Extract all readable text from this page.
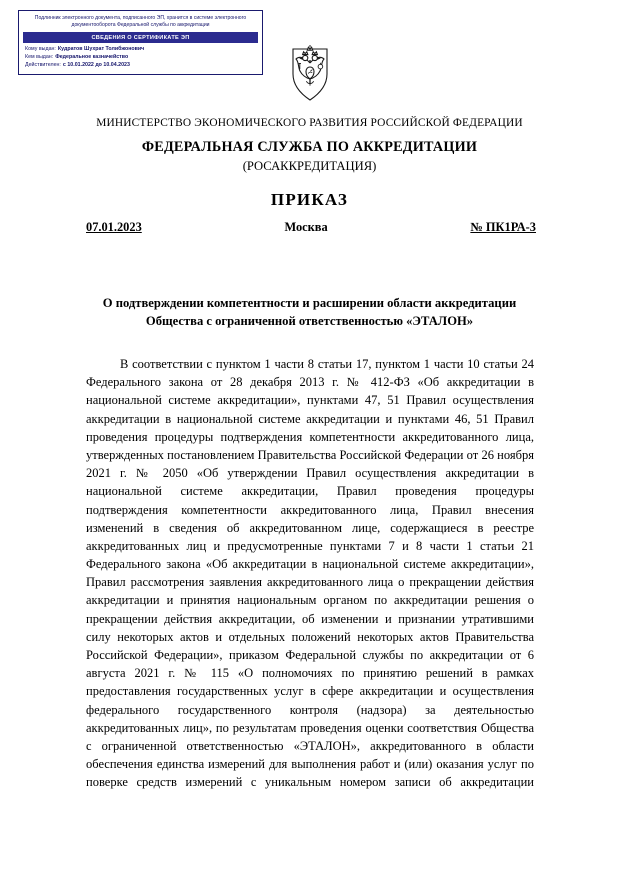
Подлинник электронного документа, подписанного ЭП, хранится в системе электронного документооборота Федеральной службы по аккредитации
СВЕДЕНИЯ О СЕРТИФИКАТЕ ЭП
Кому выдан: Кудратов Шухрат Толибжонович
Кем выдан: Федеральное казначейство
Действителен: с 10.01.2022 до 10.04.2023
МИНИСТЕРСТВО ЭКОНОМИЧЕСКОГО РАЗВИТИЯ РОССИЙСКОЙ ФЕДЕРАЦИИ
ФЕДЕРАЛЬНАЯ СЛУЖБА ПО АККРЕДИТАЦИИ
(РОСАККРЕДИТАЦИЯ)
ПРИКАЗ
07.01.2023	Москва	№ ПК1РА-3
О подтверждении компетентности и расширении области аккредитации
Общества с ограниченной ответственностью «ЭТАЛОН»

В соответствии с пунктом 1 части 8 статьи 17, пунктом 1 части 10 статьи 24 Федерального закона от 28 декабря 2013 г. № 412-ФЗ «Об аккредитации в национальной системе аккредитации», пунктами 47, 51 Правил осуществления аккредитации в национальной системе аккредитации и пунктами 46, 51 Правил проведения процедуры подтверждения компетентности аккредитованного лица, утвержденных постановлением Правительства Российской Федерации от 26 ноября 2021 г. № 2050 «Об утверждении Правил осуществления аккредитации в национальной системе аккредитации, Правил проведения процедуры подтверждения компетентности аккредитованного лица, Правил внесения изменений в сведения об аккредитованном лице, содержащиеся в реестре аккредитованных лиц и предусмотренные пунктами 7 и 8 части 1 статьи 21 Федерального закона «Об аккредитации в национальной системе аккредитации», Правил рассмотрения заявления аккредитованного лица о прекращении действия аккредитации и принятия национальным органом по аккредитации решения о прекращении действия аккредитации, об изменении и признании утратившими силу некоторых актов и отдельных положений некоторых актов Правительства Российской Федерации», приказом Федеральной службы по аккредитации от 6 августа 2021 г. № 115 «О полномочиях по принятию решений в рамках предоставления государственных услуг в сфере аккредитации и осуществления федерального государственного контроля (надзора) за деятельностью аккредитованных лиц», по результатам проведения оценки соответствия Общества с ограниченной ответственностью «ЭТАЛОН», аккредитованного в области обеспечения единства измерений для выполнения работ и (или) оказания услуг по поверке средств измерений с уникальным номером записи об аккредитации
